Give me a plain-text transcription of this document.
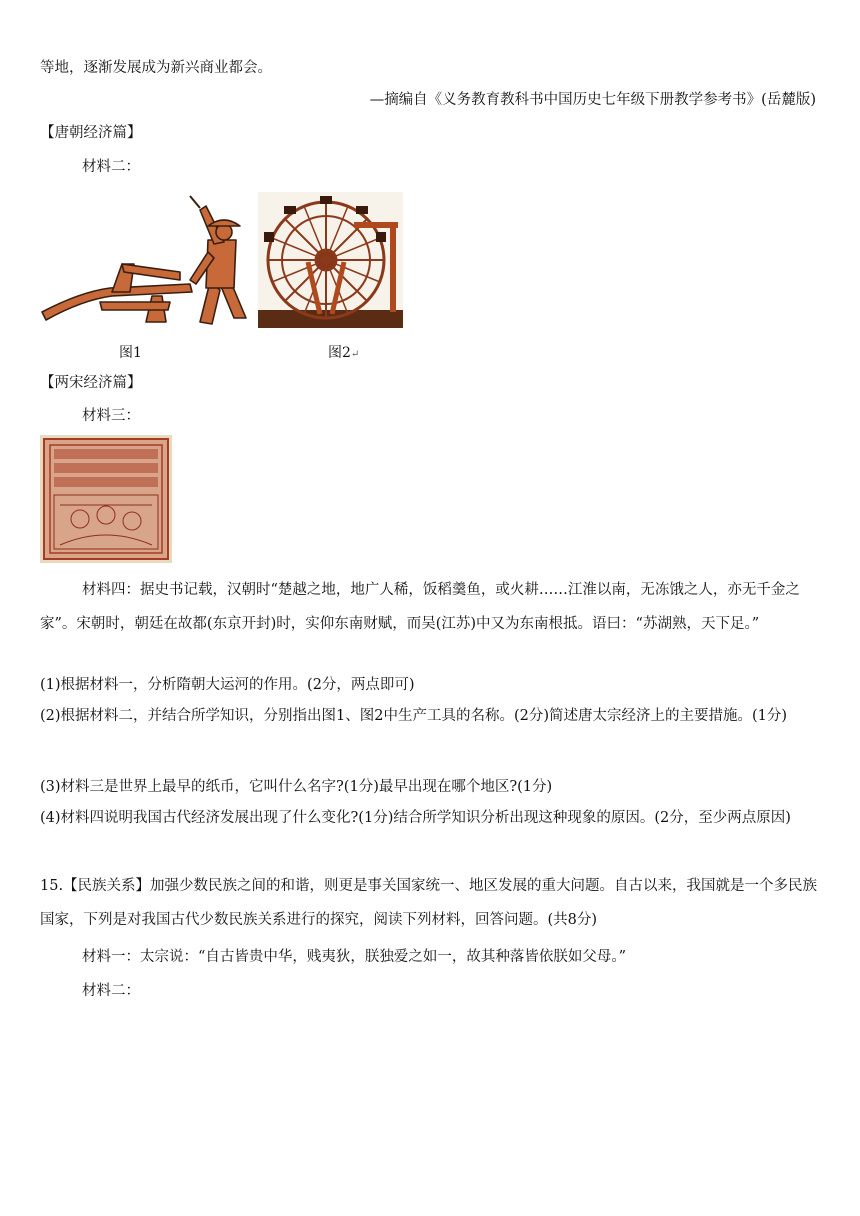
等地，逐渐发展成为新兴商业都会。
—摘编自《义务教育教科书中国历史七年级下册教学参考书》(岳麓版)
【唐朝经济篇】
材料二：
图1	图2↵
【两宋经济篇】
材料三：
材料四：据史书记载，汉朝时“楚越之地，地广人稀，饭稻羹鱼，或火耕……江淮以南，无冻饿之人，亦无千金之家”。宋朝时，朝廷在故都(东京开封)时，实仰东南财赋，而吴(江苏)中又为东南根抵。语曰：“苏湖熟，天下足。”
(1)根据材料一，分析隋朝大运河的作用。(2分，两点即可)
(2)根据材料二，并结合所学知识，分别指出图1、图2中生产工具的名称。(2分)简述唐太宗经济上的主要措施。(1分)
(3)材料三是世界上最早的纸币，它叫什么名字?(1分)最早出现在哪个地区?(1分)
(4)材料四说明我国古代经济发展出现了什么变化?(1分)结合所学知识分析出现这种现象的原因。(2分，至少两点原因)
15.【民族关系】加强少数民族之间的和谐，则更是事关国家统一、地区发展的重大问题。自古以来，我国就是一个多民族国家，下列是对我国古代少数民族关系进行的探究，阅读下列材料，回答问题。(共8分)
材料一：太宗说：“自古皆贵中华，贱夷狄，朕独爱之如一，故其种落皆依朕如父母。”
材料二：
